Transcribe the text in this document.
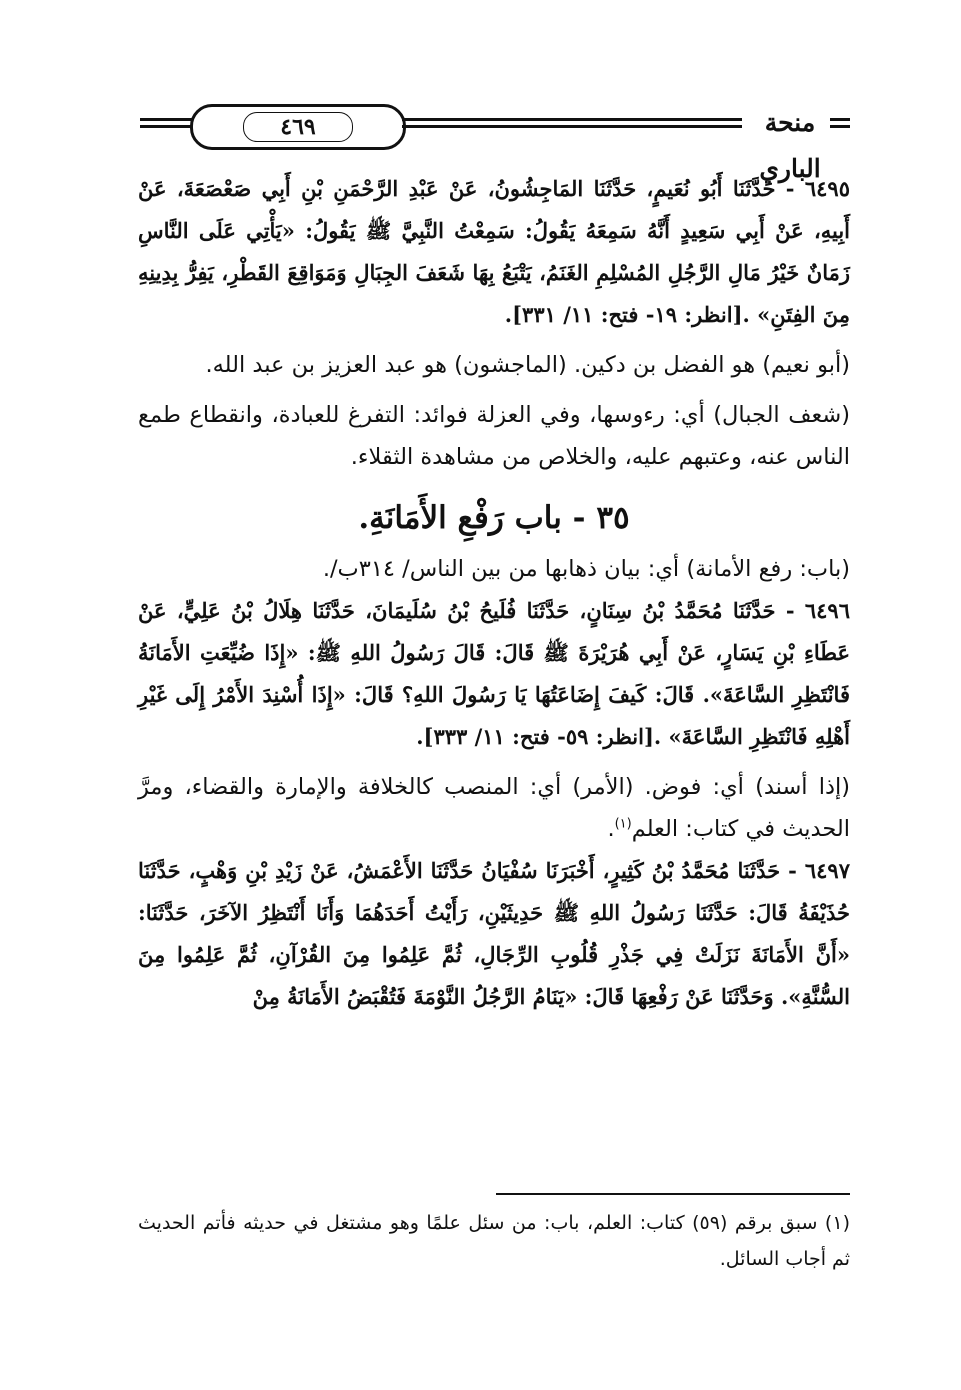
٤٦٩	منحة الباري

٦٤٩٥ - حَدَّثَنَا أَبُو نُعَيمٍ، حَدَّثَنَا المَاجِشُونُ، عَنْ عَبْدِ الرَّحْمَنِ بْنِ أَبِي صَعْصَعَةَ، عَنْ أَبِيهِ، عَنْ أَبِي سَعِيدٍ أَنَّهُ سَمِعَهُ يَقُولُ: سَمِعْتُ النَّبِيَّ ﷺ يَقُولُ: «يَأْتِي عَلَى النَّاسِ زَمَانٌ خَيْرُ مَالِ الرَّجُلِ المُسْلِمِ الغَنَمُ، يَتْبَعُ بِهَا شَعَفَ الجِبَالِ وَمَوَاقِعَ القَطْرِ، يَفِرُّ بِدِينِهِ مِنَ الفِتَنِ» .[انظر: ١٩- فتح: ١١/ ٣٣١].

(أبو نعيم) هو الفضل بن دكين. (الماجشون) هو عبد العزيز بن عبد الله.

(شعف الجبال) أي: رءوسها، وفي العزلة فوائد: التفرغ للعبادة، وانقطاع طمع الناس عنه، وعتبهم عليه، والخلاص من مشاهدة الثقلاء.

٣٥ - باب رَفْعِ الأَمَانَةِ.

(باب: رفع الأمانة) أي: بيان ذهابها من بين الناس/ ٣١٤ب/.

٦٤٩٦ - حَدَّثَنَا مُحَمَّدُ بْنُ سِنَانٍ، حَدَّثَنَا فُلَيحُ بْنُ سُلَيمَانَ، حَدَّثَنَا هِلَالُ بْنُ عَلِيٍّ، عَنْ عَطَاءِ بْنِ يَسَارٍ، عَنْ أَبِي هُرَيْرَةَ ﷺ قَالَ: قَالَ رَسُولُ اللهِ ﷺ: «إِذَا ضُيِّعَتِ الأَمَانَةُ فَانْتَظِرِ السَّاعَةَ». قَالَ: كَيفَ إِضَاعَتُهَا يَا رَسُولَ اللهِ؟ قَالَ: «إِذَا أُسْنِدَ الأَمْرُ إِلَى غَيْرِ أَهْلِهِ فَانْتَظِرِ السَّاعَةَ» .[انظر: ٥٩- فتح: ١١/ ٣٣٣].

(إذا أسند) أي: فوض. (الأمر) أي: المنصب كالخلافة والإمارة والقضاء، ومرَّ الحديث في كتاب: العلم$^{(١)}$.

٦٤٩٧ - حَدَّثَنَا مُحَمَّدُ بْنُ كَثِيرٍ، أَخْبَرَنَا سُفْيَانُ حَدَّثَنَا الأَعْمَشُ، عَنْ زَيْدِ بْنِ وَهْبٍ، حَدَّثَنَا حُذَيْفَةُ قَالَ: حَدَّثَنَا رَسُولُ اللهِ ﷺ حَدِيثَيْنِ، رَأَيْتُ أَحَدَهُمَا وَأَنَا أَنْتَظِرُ الآخَرَ، حَدَّثَنَا: «أَنَّ الأَمَانَةَ نَزَلَتْ فِي جَذْرِ قُلُوبِ الرِّجَالِ، ثُمَّ عَلِمُوا مِنَ القُرْآنِ، ثُمَّ عَلِمُوا مِنَ السُّنَّةِ». وَحَدَّثَنَا عَنْ رَفْعِهَا قَالَ: «يَنَامُ الرَّجُلُ النَّوْمَةَ فَتُقْبَضُ الأَمَانَةُ مِنْ

(١) سبق برقم (٥٩) كتاب: العلم، باب: من سئل علمًا وهو مشتغل في حديثه فأتم الحديث ثم أجاب السائل.
